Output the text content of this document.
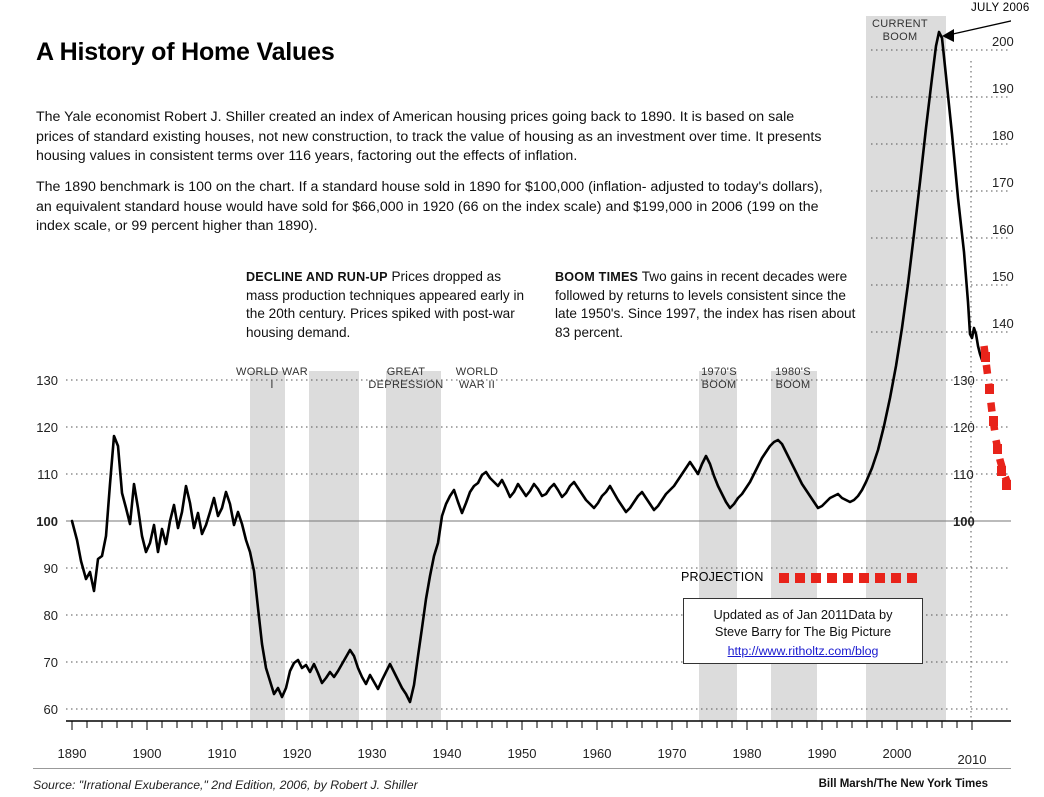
A History of Home Values
The Yale economist Robert J. Shiller created an index of American housing prices going back to 1890. It is based on sale prices of standard existing houses, not new construction, to track the value of housing as an investment over time. It presents housing values in consistent terms over 116 years, factoring out the effects of inflation.
The 1890 benchmark is 100 on the chart. If a standard house sold in 1890 for $100,000 (inflation- adjusted to today's dollars), an equivalent standard house would have sold for $66,000 in 1920 (66 on the index scale) and $199,000 in 2006 (199 on the index scale, or 99 percent higher than 1890).
DECLINE AND RUN-UP Prices dropped as mass production techniques appeared early in the 20th century. Prices spiked with post-war housing demand.
BOOM TIMES Two gains in recent decades were followed by returns to levels consistent since the late 1950's. Since 1997, the index has risen about 83 percent.
WORLD WAR I
GREAT DEPRESSION
WORLD WAR II
1970'S BOOM
1980'S BOOM
CURRENT BOOM
JULY 2006
130
120
110
100
90
80
70
60
200
190
180
170
160
150
140
130
120
110
100
1890	1900	1910	1920	1930	1940	1950	1960	1970	1980	1990	2000	2010
PROJECTION
Updated as of Jan 2011Data by
Steve Barry for The Big Picture
http://www.ritholtz.com/blog
Source: "Irrational Exuberance," 2nd Edition, 2006, by Robert J. Shiller	Bill Marsh/The New York Times
